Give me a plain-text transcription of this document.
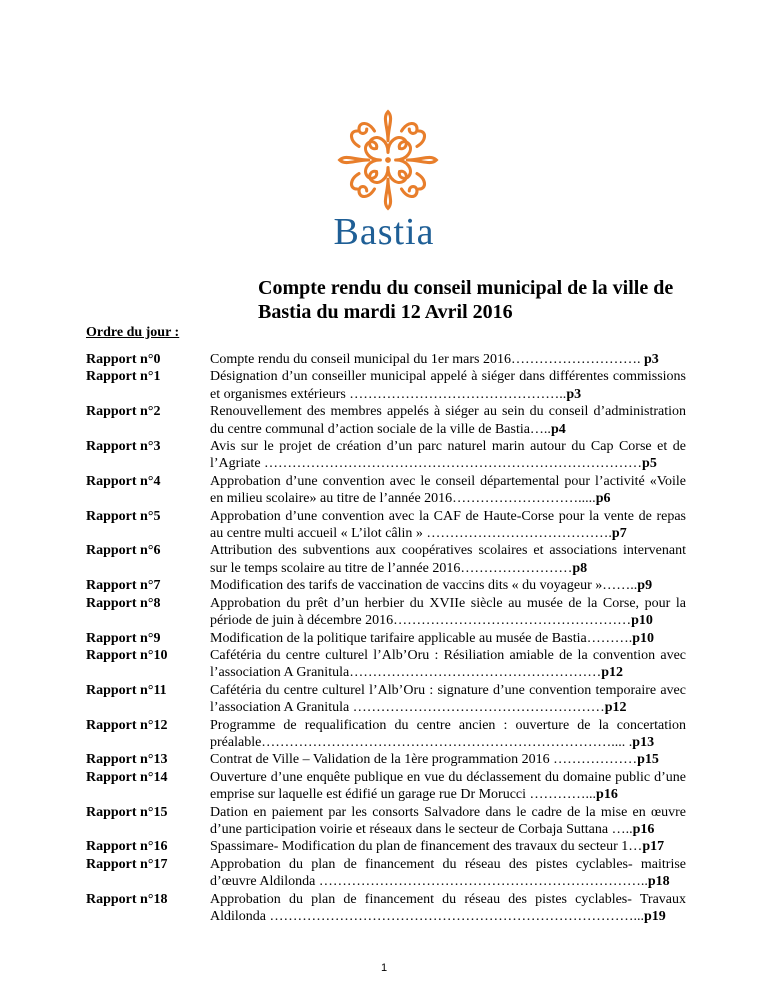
Bastia
Compte rendu du conseil municipal de la ville de
Bastia du mardi 12 Avril 2016
Ordre du jour :
Rapport n°0	Compte rendu du conseil municipal du 1er mars 2016………………………. p3
Rapport n°1	Désignation d’un conseiller municipal appelé à siéger dans différentes commissions et organismes extérieurs ………………………………………..p3
Rapport n°2	Renouvellement des membres appelés à siéger au sein du conseil d’administration du centre communal d’action sociale de la ville de Bastia…..p4
Rapport n°3	Avis sur le projet de création d’un parc naturel marin autour du Cap Corse et de l’Agriate ………………………………………………………………………p5
Rapport n°4	Approbation d’une convention avec le conseil départemental pour l’activité «Voile en milieu scolaire» au titre de l’année 2016……………………….....p6
Rapport n°5	Approbation d’une convention avec la CAF de Haute-Corse pour la vente de repas au centre multi accueil « L’ilot câlin » ………………………………….p7
Rapport n°6	Attribution des subventions aux coopératives scolaires et associations intervenant sur le temps scolaire au titre de l’année 2016……………………p8
Rapport n°7	Modification des tarifs de vaccination de vaccins dits « du voyageur »……..p9
Rapport n°8	Approbation du prêt d’un herbier du XVIIe siècle au musée de la Corse, pour la période de juin à décembre 2016……………………………………………p10
Rapport n°9	Modification de la politique tarifaire applicable au musée de Bastia……….p10
Rapport n°10	Cafétéria du centre culturel l’Alb’Oru : Résiliation amiable de la convention avec l’association A Granitula………………………………………………p12
Rapport n°11	Cafétéria du centre culturel l’Alb’Oru : signature d’une convention temporaire avec l’association A Granitula ………………………………………………p12
Rapport n°12	Programme de requalification du centre ancien : ouverture de la concertation préalable………………………………………………………………….... .p13
Rapport n°13	Contrat de Ville – Validation de la 1ère programmation 2016 ………………p15
Rapport n°14	Ouverture d’une enquête publique en vue du déclassement du domaine public d’une emprise sur laquelle est édifié un garage rue Dr Morucci …………...p16
Rapport n°15	Dation en paiement par les consorts Salvadore dans le cadre de la mise en œuvre d’une participation voirie et réseaux dans le secteur de Corbaja Suttana …..p16
Rapport n°16	Spassimare- Modification du plan de financement des travaux du secteur 1…p17
Rapport n°17	Approbation du plan de financement du réseau des pistes cyclables- maitrise d’œuvre Aldilonda ……………………………………………………………..p18
Rapport n°18	Approbation du plan de financement du réseau des pistes cyclables- Travaux Aldilonda ……………………………………………………………………...p19
1
